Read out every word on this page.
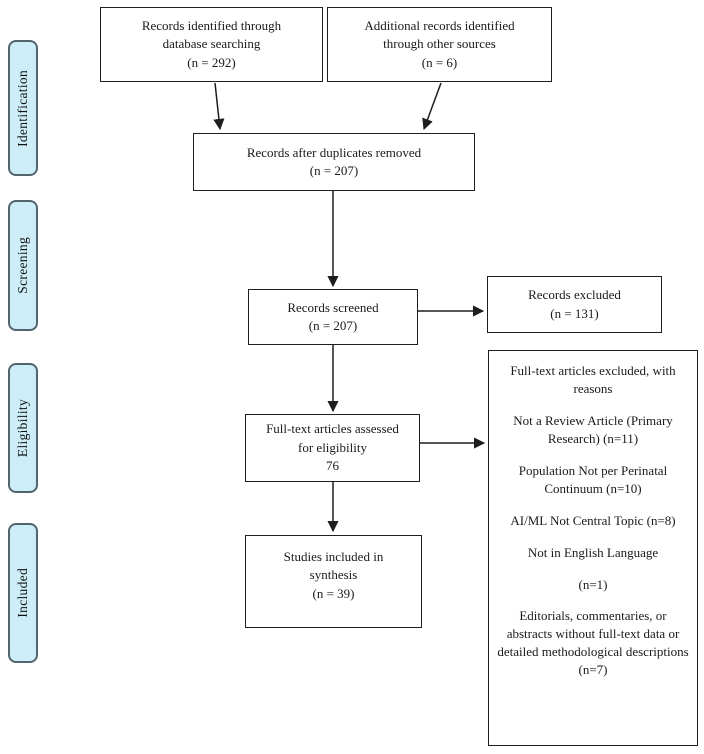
Identification
Screening
Eligibility
Included
Records identified through
database searching
(n = 292)
Additional records identified
through other sources
(n = 6)
Records after duplicates removed
(n = 207)
Records screened
(n = 207)
Records excluded
(n = 131)
Full-text articles assessed
for eligibility
76
Full-text articles excluded, with reasons
Not a Review Article (Primary Research) (n=11)
Population Not per Perinatal Continuum (n=10)
AI/ML Not Central Topic (n=8)
Not in English Language
(n=1)
Editorials, commentaries, or abstracts without full-text data or detailed methodological descriptions (n=7)
Studies included in
synthesis
(n = 39)
